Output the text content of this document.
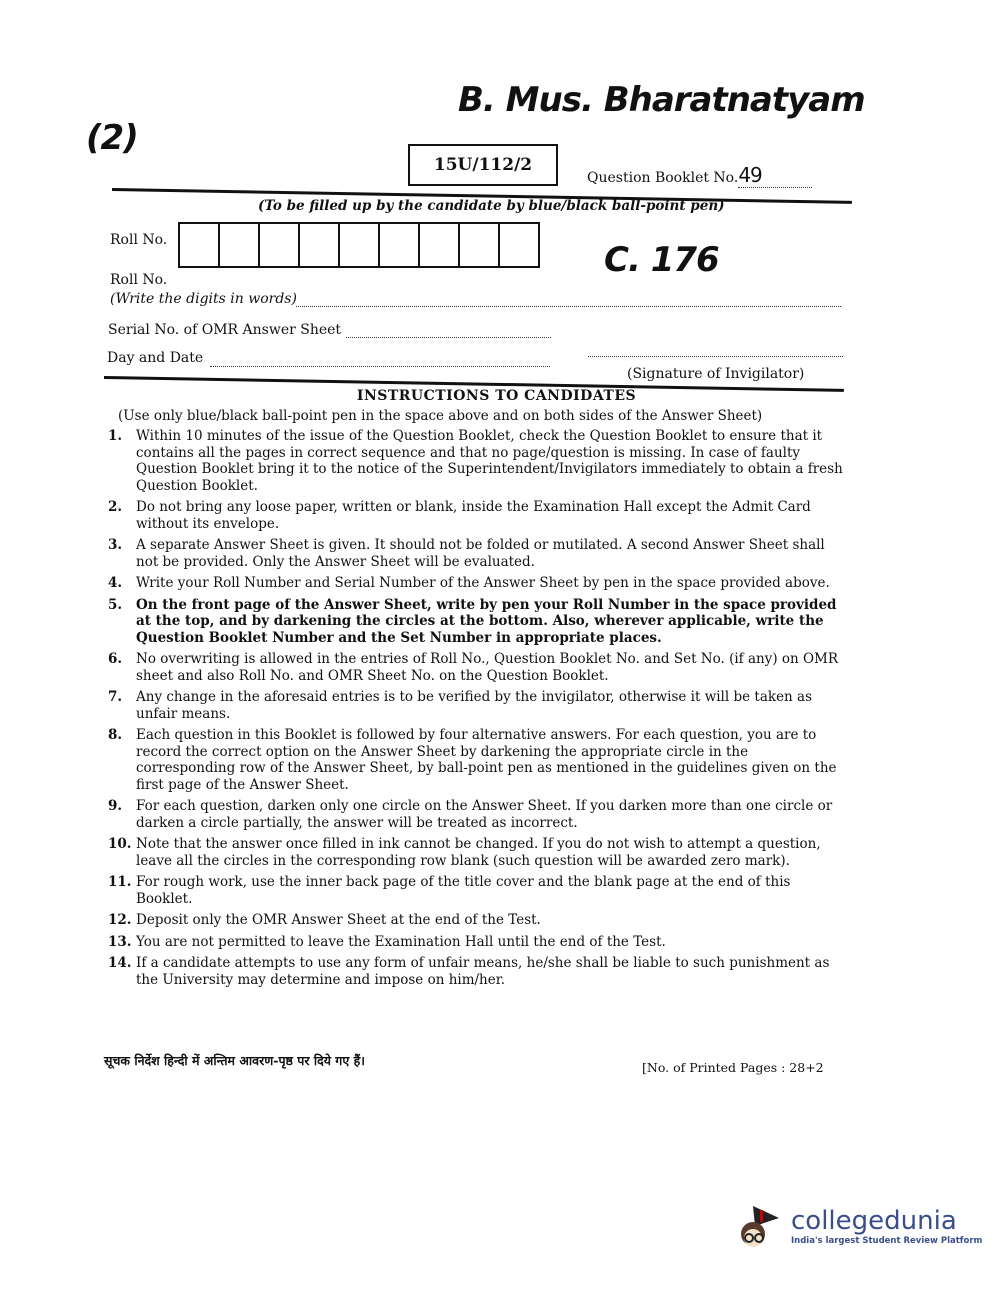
B. Mus. Bharatnatyam
(2)
15U/112/2
Question Booklet No.49
(To be filled up by the candidate by blue/black ball-point pen)
Roll No.	C. 176
Roll No.
(Write the digits in words)
Serial No. of OMR Answer Sheet
Day and Date
(Signature of Invigilator)
INSTRUCTIONS TO CANDIDATES
(Use only blue/black ball-point pen in the space above and on both sides of the Answer Sheet)
1.	Within 10 minutes of the issue of the Question Booklet, check the Question Booklet to ensure that it contains all the pages in correct sequence and that no page/question is missing. In case of faulty Question Booklet bring it to the notice of the Superintendent/Invigilators immediately to obtain a fresh Question Booklet.
2.	Do not bring any loose paper, written or blank, inside the Examination Hall except the Admit Card without its envelope.
3.	A separate Answer Sheet is given. It should not be folded or mutilated. A second Answer Sheet shall not be provided. Only the Answer Sheet will be evaluated.
4.	Write your Roll Number and Serial Number of the Answer Sheet by pen in the space provided above.
5.	On the front page of the Answer Sheet, write by pen your Roll Number in the space provided at the top, and by darkening the circles at the bottom. Also, wherever applicable, write the Question Booklet Number and the Set Number in appropriate places.
6.	No overwriting is allowed in the entries of Roll No., Question Booklet No. and Set No. (if any) on OMR sheet and also Roll No. and OMR Sheet No. on the Question Booklet.
7.	Any change in the aforesaid entries is to be verified by the invigilator, otherwise it will be taken as unfair means.
8.	Each question in this Booklet is followed by four alternative answers. For each question, you are to record the correct option on the Answer Sheet by darkening the appropriate circle in the corresponding row of the Answer Sheet, by ball-point pen as mentioned in the guidelines given on the first page of the Answer Sheet.
9.	For each question, darken only one circle on the Answer Sheet. If you darken more than one circle or darken a circle partially, the answer will be treated as incorrect.
10. Note that the answer once filled in ink cannot be changed. If you do not wish to attempt a question, leave all the circles in the corresponding row blank (such question will be awarded zero mark).
11. For rough work, use the inner back page of the title cover and the blank page at the end of this Booklet.
12. Deposit only the OMR Answer Sheet at the end of the Test.
13. You are not permitted to leave the Examination Hall until the end of the Test.
14. If a candidate attempts to use any form of unfair means, he/she shall be liable to such punishment as the University may determine and impose on him/her.
सूचक निर्देश हिन्दी में अन्तिम आवरण-पृष्ठ पर दिये गए हैं।	[No. of Printed Pages : 28+2
collegedunia
India's largest Student Review Platform
